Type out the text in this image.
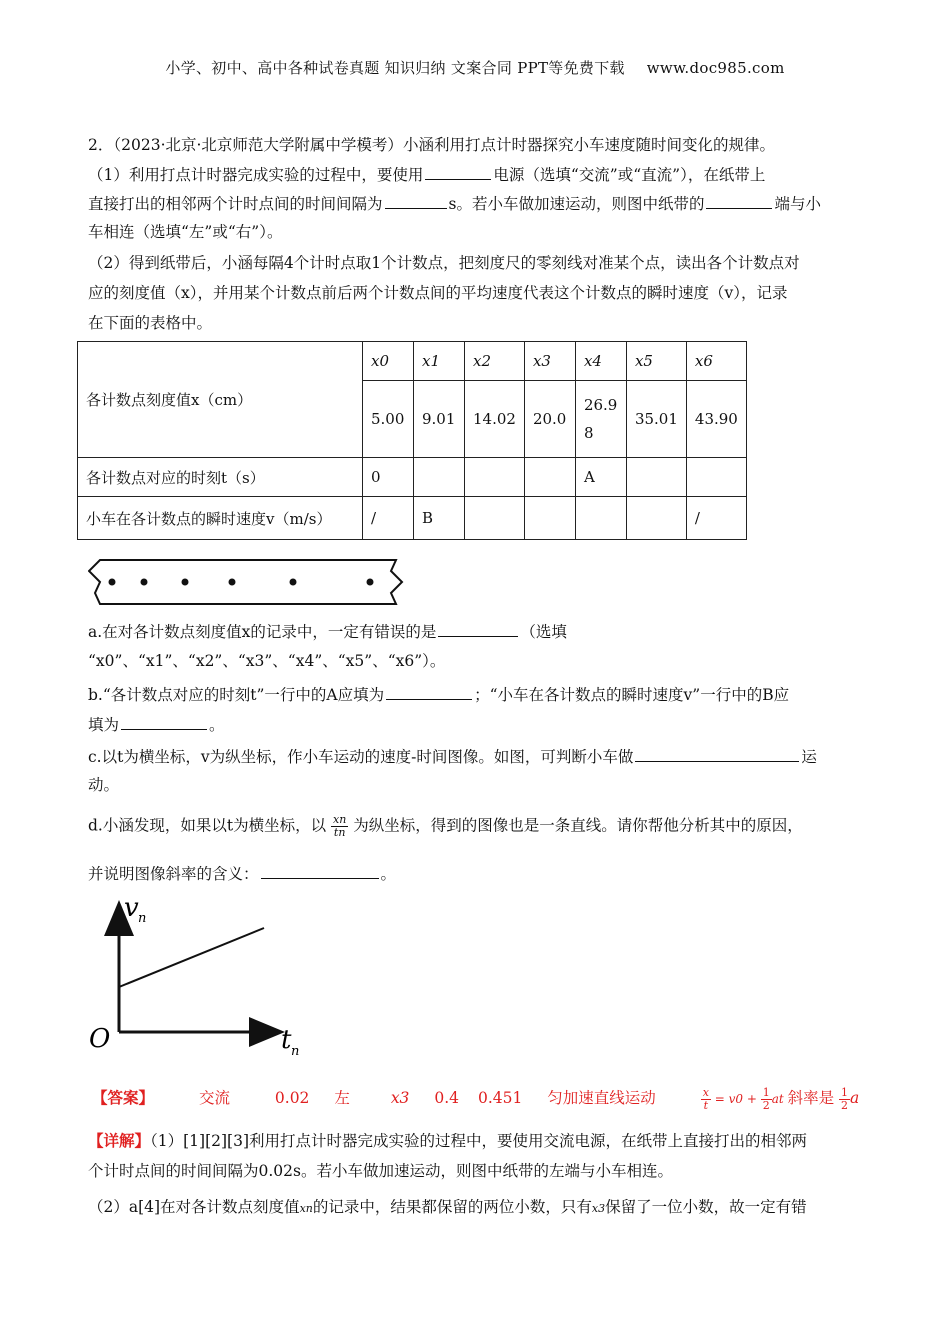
小学、初中、高中各种试卷真题 知识归纳 文案合同 PPT等免费下载 www.doc985.com
2．（2023·北京·北京师范大学附属中学模考）小涵利用打点计时器探究小车速度随时间变化的规律。
（1）利用打点计时器完成实验的过程中，要使用	电源（选填“交流”或“直流”），在纸带上
直接打出的相邻两个计时点间的时间间隔为	s。若小车做加速运动，则图中纸带的	端与小
车相连（选填“左”或“右”）。
（2）得到纸带后，小涵每隔4个计时点取1个计数点，把刻度尺的零刻线对准某个点，读出各个计数点对
应的刻度值（x），并用某个计数点前后两个计数点间的平均速度代表这个计数点的瞬时速度（v），记录
在下面的表格中。
各计数点刻度值x（cm）	x0	x1	x2	x3	x4	x5	x6
	5.00	9.01	14.02	20.0	26.9 8	35.01	43.90
各计数点对应的时刻t（s）	0				A		
小车在各计数点的瞬时速度v（m/s）	/	B					/
a.在对各计数点刻度值x的记录中，一定有错误的是	（选填
“x0”、“x1”、“x2”、“x3”、“x4”、“x5”、“x6”）。
b.“各计数点对应的时刻t”一行中的A应填为	；“小车在各计数点的瞬时速度v”一行中的B应
填为	。
c.以t为横坐标，v为纵坐标，作小车运动的速度-时间图像。如图，可判断小车做	运
动。
d.小涵发现，如果以t为横坐标，以 $\frac{xn}{tn}$ 为纵坐标，得到的图像也是一条直线。请你帮他分析其中的原因，
并说明图像斜率的含义：	。
v n
O	t n
【答案】	交流	0.02 左	x3 0.4 0.451 匀加速直线运动	$\frac{x}{t} = v0 + \frac{1}{2}$ at 斜率是 $\frac{1}{2}$ a
【详解】（1）[1][2][3]利用打点计时器完成实验的过程中，要使用交流电源，在纸带上直接打出的相邻两
个计时点间的时间间隔为0.02s。若小车做加速运动，则图中纸带的左端与小车相连。
（2）a[4]在对各计数点刻度值xn的记录中，结果都保留的两位小数，只有x3保留了一位小数，故一定有错
